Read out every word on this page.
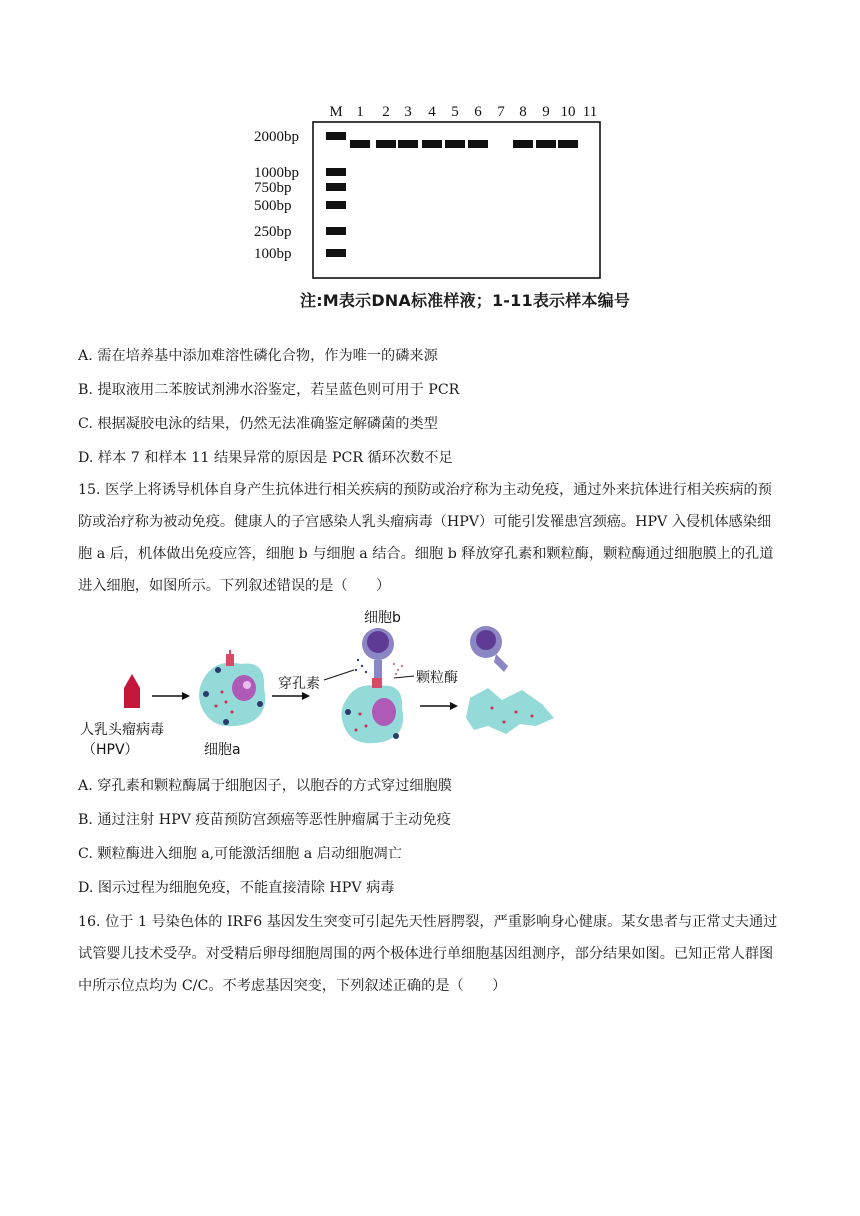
M 1 2 3 4 5 6 7 8 9 10 11
2000bp
1000bp
750bp
500bp
250bp
100bp
注:M表示DNA标准样液；1-11表示样本编号
A. 需在培养基中添加难溶性磷化合物，作为唯一的磷来源
B. 提取液用二苯胺试剂沸水浴鉴定，若呈蓝色则可用于 PCR
C. 根据凝胶电泳的结果，仍然无法准确鉴定解磷菌的类型
D. 样本 7 和样本 11 结果异常的原因是 PCR 循环次数不足
15. 医学上将诱导机体自身产生抗体进行相关疾病的预防或治疗称为主动免疫，通过外来抗体进行相关疾病的预防或治疗称为被动免疫。健康人的子宫感染人乳头瘤病毒（HPV）可能引发罹患宫颈癌。HPV 入侵机体感染细胞 a 后，机体做出免疫应答，细胞 b 与细胞 a 结合。细胞 b 释放穿孔素和颗粒酶，颗粒酶通过细胞膜上的孔道进入细胞，如图所示。下列叙述错误的是（　　）
人乳头瘤病毒
（HPV）	细胞a
细胞b
穿孔素	颗粒酶
A. 穿孔素和颗粒酶属于细胞因子，以胞吞的方式穿过细胞膜
B. 通过注射 HPV 疫苗预防宫颈癌等恶性肿瘤属于主动免疫
C. 颗粒酶进入细胞 a,可能激活细胞 a 启动细胞凋亡
D. 图示过程为细胞免疫，不能直接清除 HPV 病毒
16. 位于 1 号染色体的 IRF6 基因发生突变可引起先天性唇腭裂，严重影响身心健康。某女患者与正常丈夫通过试管婴儿技术受孕。对受精后卵母细胞周围的两个极体进行单细胞基因组测序，部分结果如图。已知正常人群图中所示位点均为 C/C。不考虑基因突变，下列叙述正确的是（　　）
